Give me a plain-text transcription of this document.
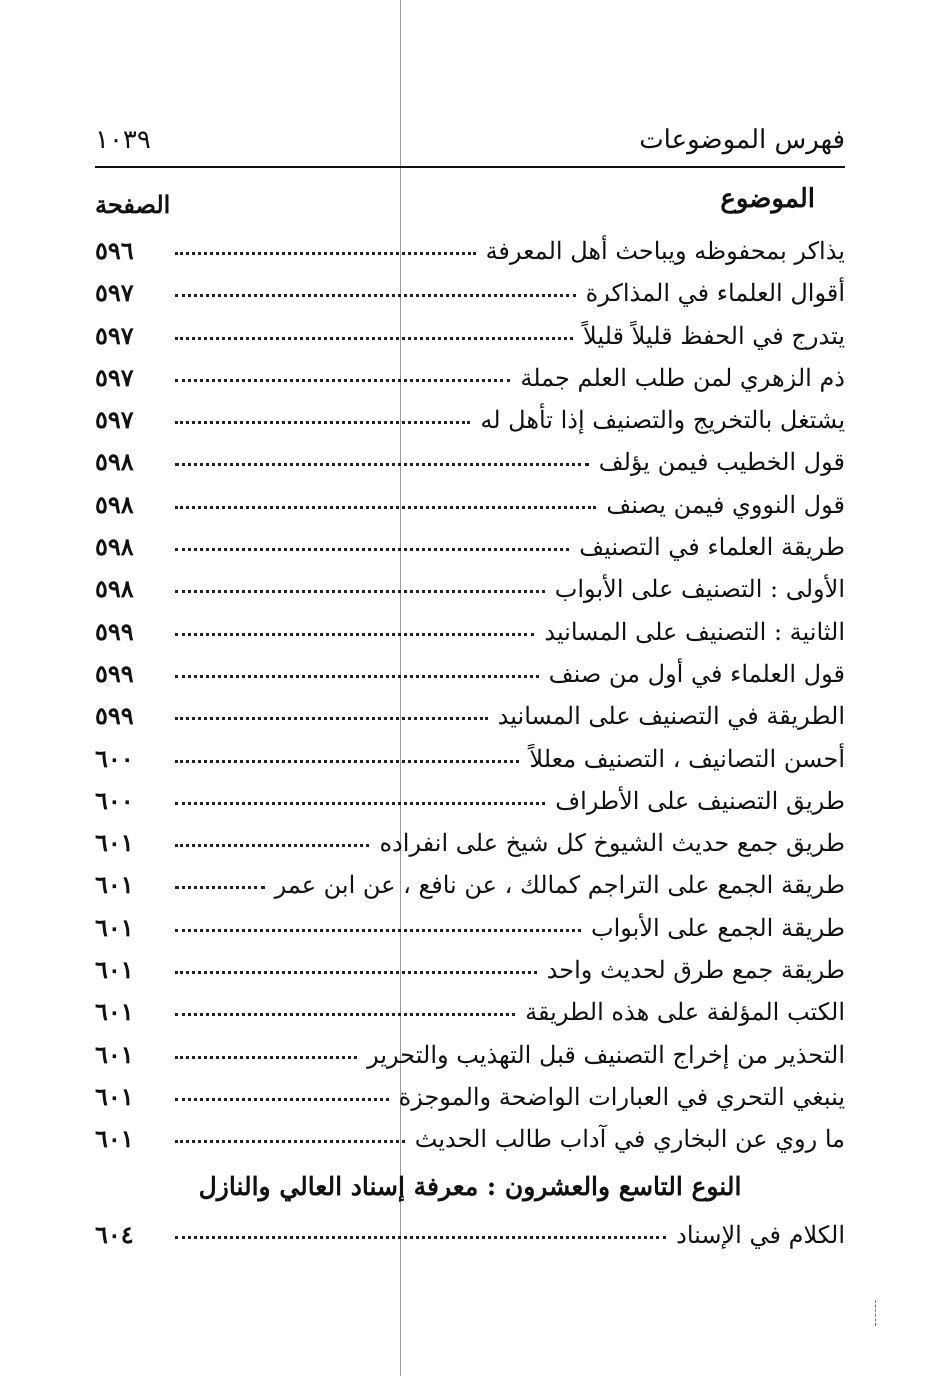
فهرس الموضوعات
١٠٣٩
الموضوع
الصفحة
يذاكر بمحفوظه ويباحث أهل المعرفة
٥٩٦
أقوال العلماء في المذاكرة
٥٩٧
يتدرج في الحفظ قليلاً قليلاً
٥٩٧
ذم الزهري لمن طلب العلم جملة
٥٩٧
يشتغل بالتخريج والتصنيف إذا تأهل له
٥٩٧
قول الخطيب فيمن يؤلف
٥٩٨
قول النووي فيمن يصنف
٥٩٨
طريقة العلماء في التصنيف
٥٩٨
الأولى : التصنيف على الأبواب
٥٩٨
الثانية : التصنيف على المسانيد
٥٩٩
قول العلماء في أول من صنف
٥٩٩
الطريقة في التصنيف على المسانيد
٥٩٩
أحسن التصانيف ، التصنيف معللاً
٦٠٠
طريق التصنيف على الأطراف
٦٠٠
طريق جمع حديث الشيوخ كل شيخ على انفراده
٦٠١
طريقة الجمع على التراجم كمالك ، عن نافع ، عن ابن عمر
٦٠١
طريقة الجمع على الأبواب
٦٠١
طريقة جمع طرق لحديث واحد
٦٠١
الكتب المؤلفة على هذه الطريقة
٦٠١
التحذير من إخراج التصنيف قبل التهذيب والتحرير
٦٠١
ينبغي التحري في العبارات الواضحة والموجزة
٦٠١
ما روي عن البخاري في آداب طالب الحديث
٦٠١
النوع التاسع والعشرون : معرفة إسناد العالي والنازل
الكلام في الإسناد
٦٠٤
